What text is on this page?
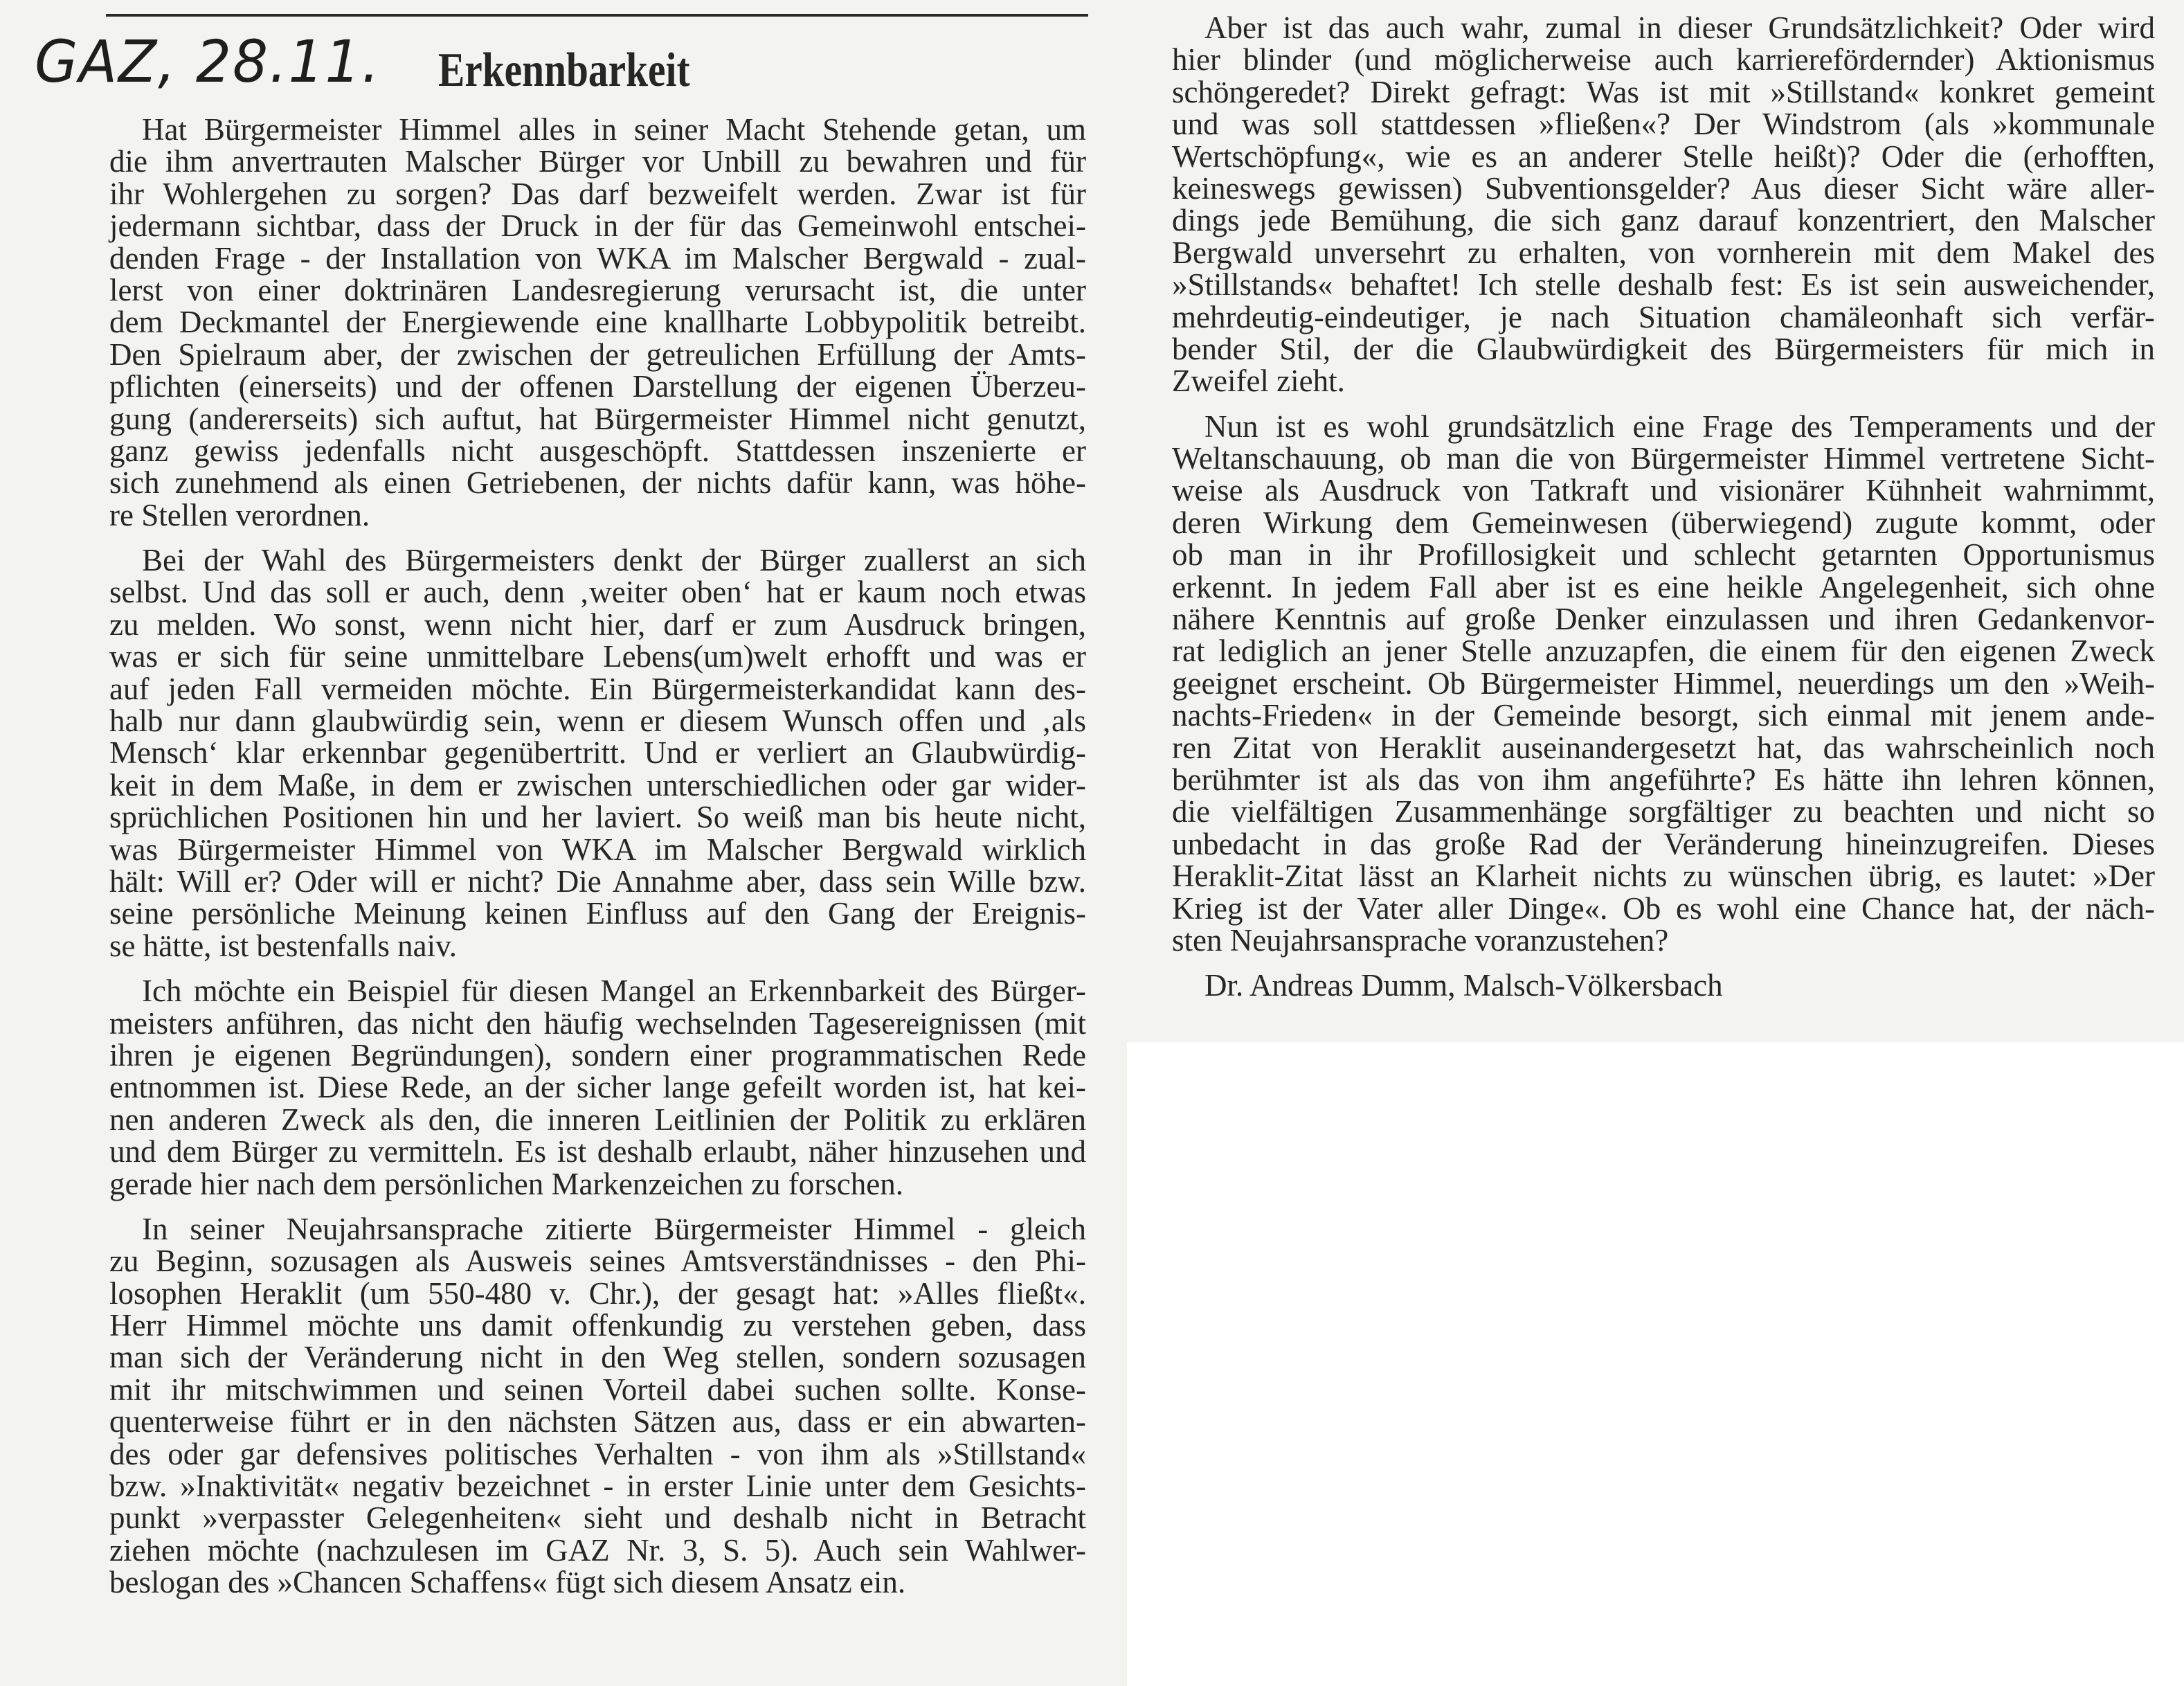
GAZ, 28.11. Erkennbarkeit
Hat Bürgermeister Himmel alles in seiner Macht Stehende getan, um
die ihm anvertrauten Malscher Bürger vor Unbill zu bewahren und für
ihr Wohlergehen zu sorgen? Das darf bezweifelt werden. Zwar ist für
jedermann sichtbar, dass der Druck in der für das Gemeinwohl entschei-
denden Frage - der Installation von WKA im Malscher Bergwald - zual-
lerst von einer doktrinären Landesregierung verursacht ist, die unter
dem Deckmantel der Energiewende eine knallharte Lobbypolitik betreibt.
Den Spielraum aber, der zwischen der getreulichen Erfüllung der Amts-
pflichten (einerseits) und der offenen Darstellung der eigenen Überzeu-
gung (andererseits) sich auftut, hat Bürgermeister Himmel nicht genutzt,
ganz gewiss jedenfalls nicht ausgeschöpft. Stattdessen inszenierte er
sich zunehmend als einen Getriebenen, der nichts dafür kann, was höhe-
re Stellen verordnen.
Bei der Wahl des Bürgermeisters denkt der Bürger zuallerst an sich
selbst. Und das soll er auch, denn ‚weiter oben‘ hat er kaum noch etwas
zu melden. Wo sonst, wenn nicht hier, darf er zum Ausdruck bringen,
was er sich für seine unmittelbare Lebens(um)welt erhofft und was er
auf jeden Fall vermeiden möchte. Ein Bürgermeisterkandidat kann des-
halb nur dann glaubwürdig sein, wenn er diesem Wunsch offen und ‚als
Mensch‘ klar erkennbar gegenübertritt. Und er verliert an Glaubwürdig-
keit in dem Maße, in dem er zwischen unterschiedlichen oder gar wider-
sprüchlichen Positionen hin und her laviert. So weiß man bis heute nicht,
was Bürgermeister Himmel von WKA im Malscher Bergwald wirklich
hält: Will er? Oder will er nicht? Die Annahme aber, dass sein Wille bzw.
seine persönliche Meinung keinen Einfluss auf den Gang der Ereignis-
se hätte, ist bestenfalls naiv.
Ich möchte ein Beispiel für diesen Mangel an Erkennbarkeit des Bürger-
meisters anführen, das nicht den häufig wechselnden Tagesereignissen (mit
ihren je eigenen Begründungen), sondern einer programmatischen Rede
entnommen ist. Diese Rede, an der sicher lange gefeilt worden ist, hat kei-
nen anderen Zweck als den, die inneren Leitlinien der Politik zu erklären
und dem Bürger zu vermitteln. Es ist deshalb erlaubt, näher hinzusehen und
gerade hier nach dem persönlichen Markenzeichen zu forschen.
In seiner Neujahrsansprache zitierte Bürgermeister Himmel - gleich
zu Beginn, sozusagen als Ausweis seines Amtsverständnisses - den Phi-
losophen Heraklit (um 550-480 v. Chr.), der gesagt hat: »Alles fließt«.
Herr Himmel möchte uns damit offenkundig zu verstehen geben, dass
man sich der Veränderung nicht in den Weg stellen, sondern sozusagen
mit ihr mitschwimmen und seinen Vorteil dabei suchen sollte. Konse-
quenterweise führt er in den nächsten Sätzen aus, dass er ein abwarten-
des oder gar defensives politisches Verhalten - von ihm als »Stillstand«
bzw. »Inaktivität« negativ bezeichnet - in erster Linie unter dem Gesichts-
punkt »verpasster Gelegenheiten« sieht und deshalb nicht in Betracht
ziehen möchte (nachzulesen im GAZ Nr. 3, S. 5). Auch sein Wahlwer-
beslogan des »Chancen Schaffens« fügt sich diesem Ansatz ein.
Aber ist das auch wahr, zumal in dieser Grundsätzlichkeit? Oder wird
hier blinder (und möglicherweise auch karrierefördernder) Aktionismus
schöngeredet? Direkt gefragt: Was ist mit »Stillstand« konkret gemeint
und was soll stattdessen »fließen«? Der Windstrom (als »kommunale
Wertschöpfung«, wie es an anderer Stelle heißt)? Oder die (erhofften,
keineswegs gewissen) Subventionsgelder? Aus dieser Sicht wäre aller-
dings jede Bemühung, die sich ganz darauf konzentriert, den Malscher
Bergwald unversehrt zu erhalten, von vornherein mit dem Makel des
»Stillstands« behaftet! Ich stelle deshalb fest: Es ist sein ausweichender,
mehrdeutig-eindeutiger, je nach Situation chamäleonhaft sich verfär-
bender Stil, der die Glaubwürdigkeit des Bürgermeisters für mich in
Zweifel zieht.
Nun ist es wohl grundsätzlich eine Frage des Temperaments und der
Weltanschauung, ob man die von Bürgermeister Himmel vertretene Sicht-
weise als Ausdruck von Tatkraft und visionärer Kühnheit wahrnimmt,
deren Wirkung dem Gemeinwesen (überwiegend) zugute kommt, oder
ob man in ihr Profillosigkeit und schlecht getarnten Opportunismus
erkennt. In jedem Fall aber ist es eine heikle Angelegenheit, sich ohne
nähere Kenntnis auf große Denker einzulassen und ihren Gedankenvor-
rat lediglich an jener Stelle anzuzapfen, die einem für den eigenen Zweck
geeignet erscheint. Ob Bürgermeister Himmel, neuerdings um den »Weih-
nachts-Frieden« in der Gemeinde besorgt, sich einmal mit jenem ande-
ren Zitat von Heraklit auseinandergesetzt hat, das wahrscheinlich noch
berühmter ist als das von ihm angeführte? Es hätte ihn lehren können,
die vielfältigen Zusammenhänge sorgfältiger zu beachten und nicht so
unbedacht in das große Rad der Veränderung hineinzugreifen. Dieses
Heraklit-Zitat lässt an Klarheit nichts zu wünschen übrig, es lautet: »Der
Krieg ist der Vater aller Dinge«. Ob es wohl eine Chance hat, der näch-
sten Neujahrsansprache voranzustehen?
Dr. Andreas Dumm, Malsch-Völkersbach
